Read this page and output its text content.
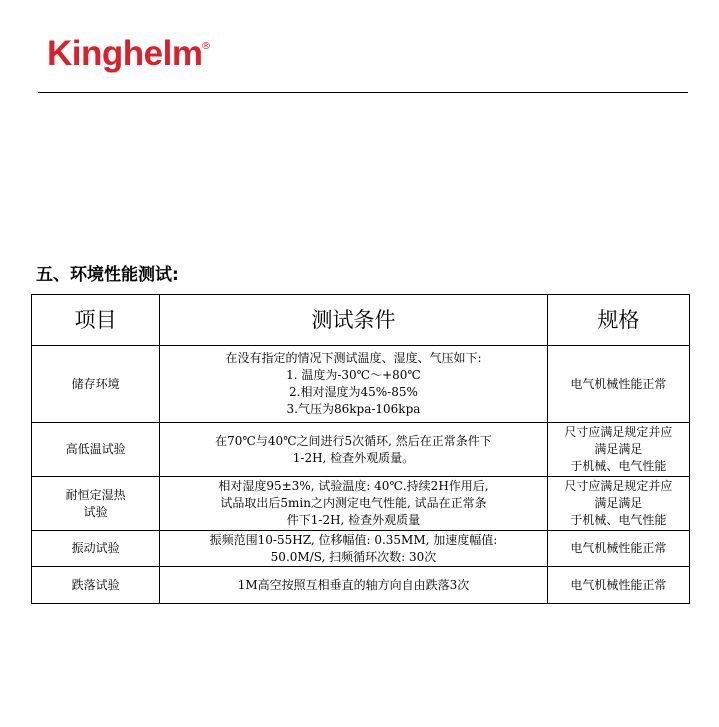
Kinghelm
®
五、环境性能测试:
项目	测试条件	规格

储存环境	在没有指定的情况下测试温度、湿度、气压如下:
1. 温度为-30℃～+80℃
2.相对湿度为45%-85%
3.气压为86kpa-106kpa	电气机械性能正常

高低温试验	在70℃与40℃之间进行5次循环, 然后在正常条件下
1-2H, 检查外观质量。	尺寸应满足规定并应
满足满足
于机械、电气性能

耐恒定湿热
试验	相对湿度95±3%, 试验温度: 40℃.持续2H作用后,
试品取出后5min之内测定电气性能, 试品在正常条
件下1-2H, 检查外观质量	尺寸应满足规定并应
满足满足
于机械、电气性能

振动试验	振频范围10-55HZ, 位移幅值: 0.35MM, 加速度幅值:
50.0M/S, 扫频循环次数: 30次	电气机械性能正常

跌落试验	1M高空按照互相垂直的轴方向自由跌落3次	电气机械性能正常
